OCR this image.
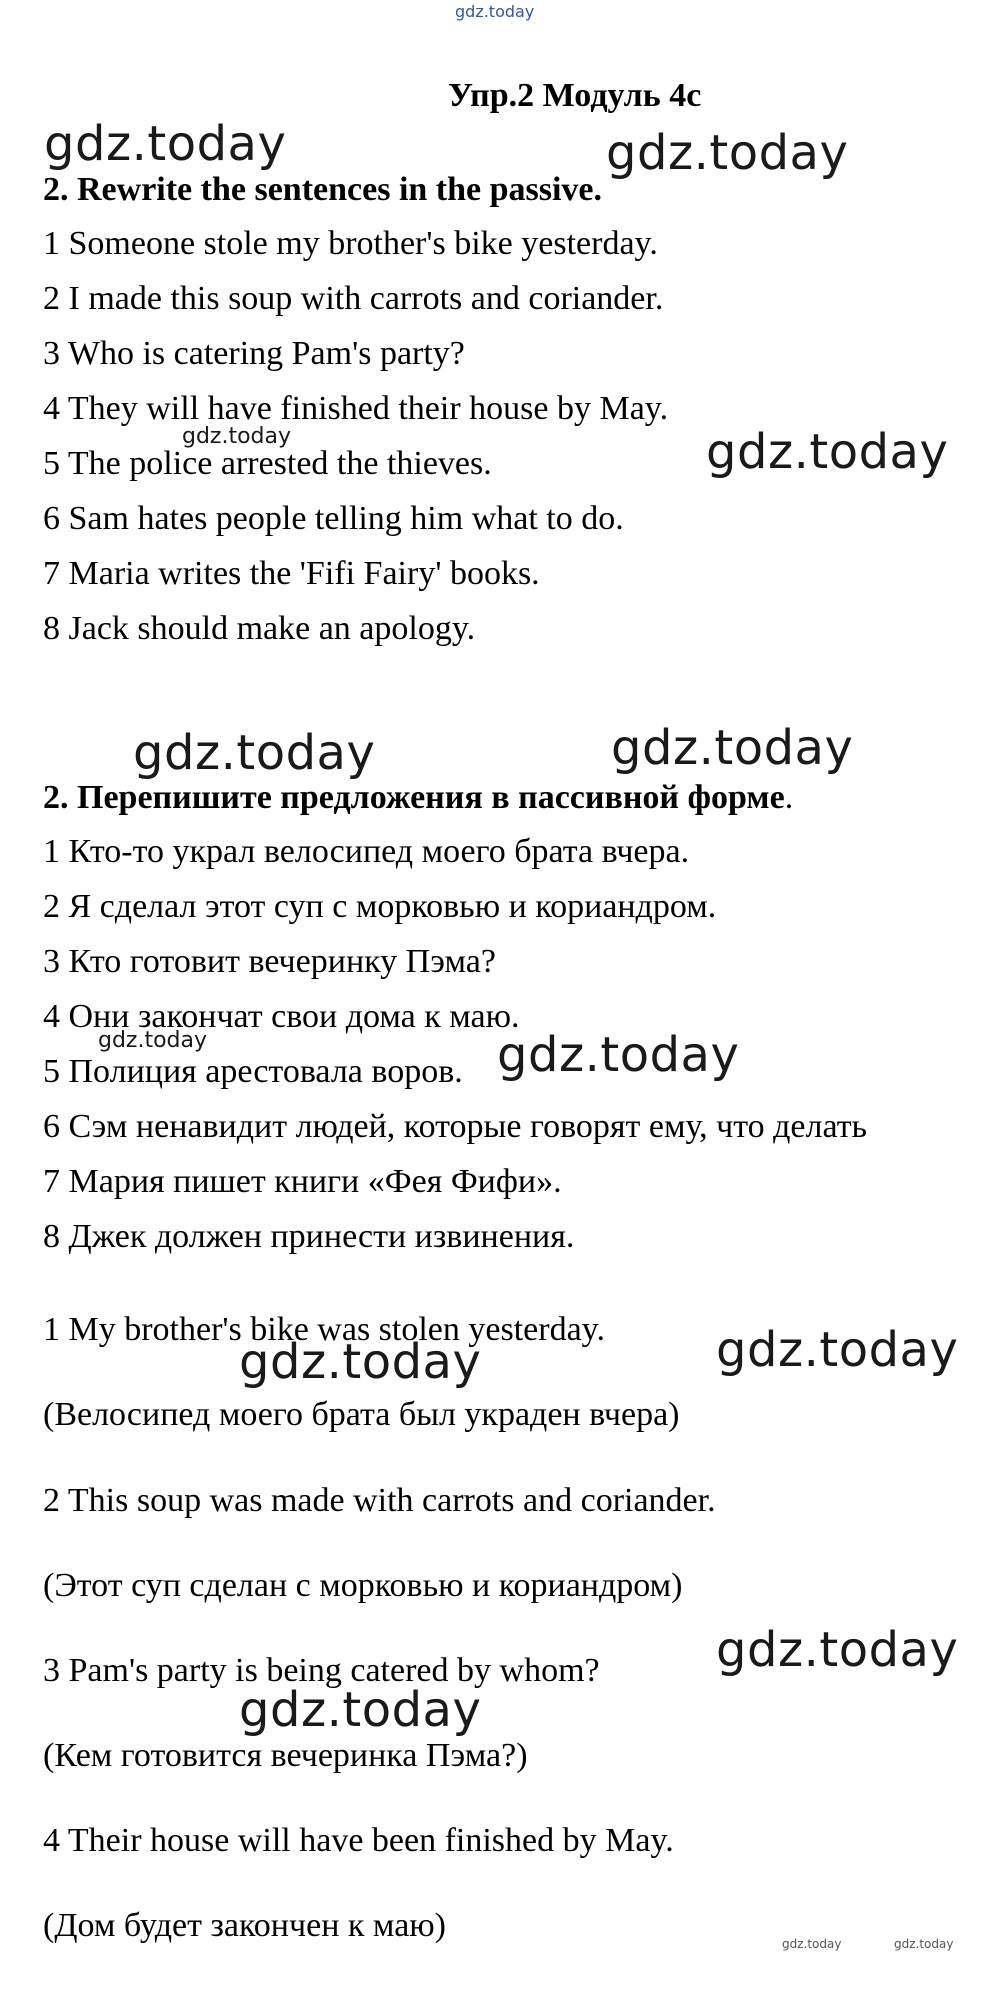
gdz.today
gdz.today	gdz.today
gdz.today	gdz.today
gdz.today	gdz.today
gdz.today	gdz.today
gdz.today	gdz.today
gdz.today
gdz.today
gdz.today	gdz.today
Упр.2 Модуль 4c
2. Rewrite the sentences in the passive.
1 Someone stole my brother's bike yesterday.
2 I made this soup with carrots and coriander.
3 Who is catering Pam's party?
4 They will have finished their house by May.
5 The police arrested the thieves.
6 Sam hates people telling him what to do.
7 Maria writes the 'Fifi Fairy' books.
8 Jack should make an apology.
2. Перепишите предложения в пассивной форме.
1 Кто-то украл велосипед моего брата вчера.
2 Я сделал этот суп с морковью и кориандром.
3 Кто готовит вечеринку Пэма?
4 Они закончат свои дома к маю.
5 Полиция арестовала воров.
6 Сэм ненавидит людей, которые говорят ему, что делать
7 Мария пишет книги «Фея Фифи».
8 Джек должен принести извинения.
1 My brother's bike was stolen yesterday.
(Велосипед моего брата был украден вчера)
2 This soup was made with carrots and coriander.
(Этот суп сделан с морковью и кориандром)
3 Pam's party is being catered by whom?
(Кем готовится вечеринка Пэма?)
4 Their house will have been finished by May.
(Дом будет закончен к маю)
